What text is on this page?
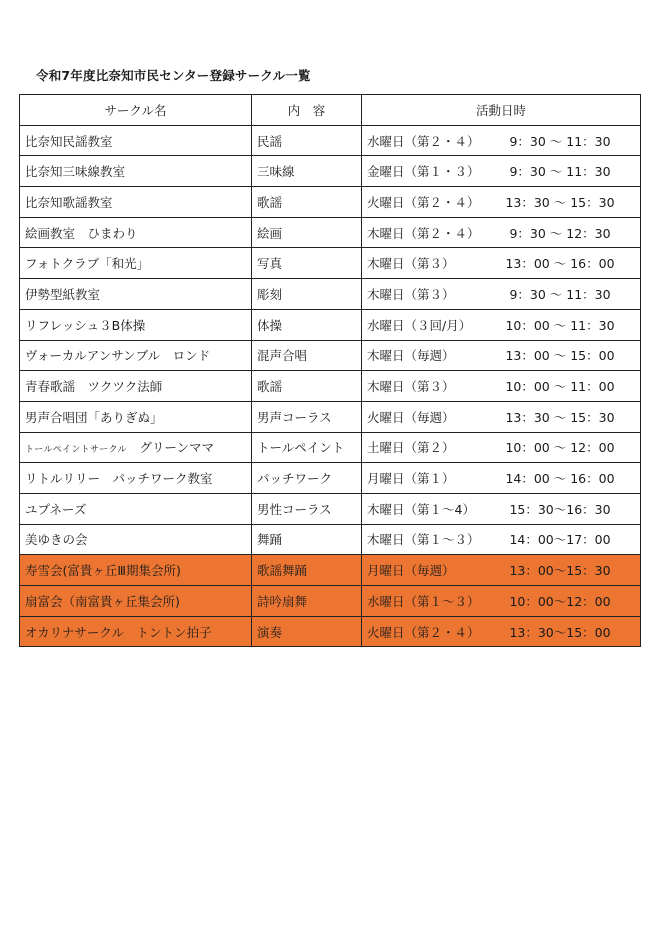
令和7年度比奈知市民センター登録サークル一覧
サークル名	内　容	活動日時
比奈知民謡教室	民謡	水曜日（第２・４） 9：30 ～ 11：30
比奈知三味線教室	三味線	金曜日（第１・３） 9：30 ～ 11：30
比奈知歌謡教室	歌謡	火曜日（第２・４） 13：30 ～ 15：30
絵画教室　ひまわり	絵画	木曜日（第２・４） 9：30 ～ 12：30
フォトクラブ「和光」	写真	木曜日（第３） 13：00 ～ 16：00
伊勢型紙教室	彫刻	木曜日（第３） 9：30 ～ 11：30
リフレッシュ３B体操	体操	水曜日（３回/月） 10：00 ～ 11：30
ヴォーカルアンサンブル　ロンド	混声合唱	木曜日（毎週） 13：00 ～ 15：00
青春歌謡　ツクツク法師	歌謡	木曜日（第３） 10：00 ～ 11：00
男声合唱団「ありぎぬ」	男声コーラス	火曜日（毎週） 13：30 ～ 15：30
トールペイントサークル　グリーンママ	トールペイント	土曜日（第２） 10：00 ～ 12：00
リトルリリー　パッチワーク教室	パッチワーク	月曜日（第１） 14：00 ～ 16：00
ユプネーズ	男性コーラス	木曜日（第１～4） 15：30～16：30
美ゆきの会	舞踊	木曜日（第１～３） 14：00～17：00
寿雪会(富貴ヶ丘Ⅲ期集会所)	歌謡舞踊	月曜日（毎週） 13：00～15：30
扇富会（南富貴ヶ丘集会所)	詩吟扇舞	水曜日（第１～３） 10：00～12：00
オカリナサークル　トントン拍子	演奏	火曜日（第２・４） 13：30～15：00
